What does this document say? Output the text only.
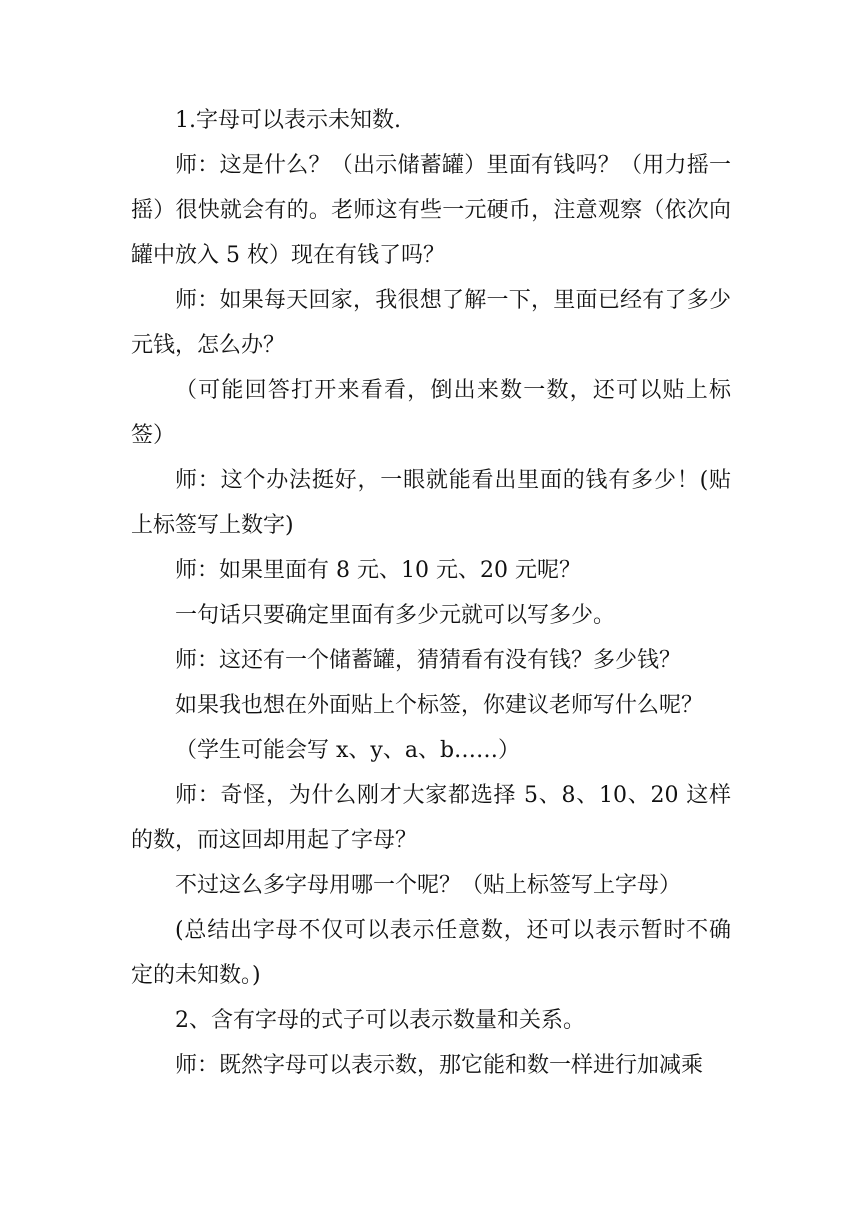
1.字母可以表示未知数.

师：这是什么？（出示储蓄罐）里面有钱吗？（用力摇一摇）很快就会有的。老师这有些一元硬币，注意观察（依次向罐中放入 5 枚）现在有钱了吗？

师：如果每天回家，我很想了解一下，里面已经有了多少元钱，怎么办？

（可能回答打开来看看，倒出来数一数，还可以贴上标签）

师：这个办法挺好，一眼就能看出里面的钱有多少！(贴上标签写上数字)

师：如果里面有 8 元、10 元、20 元呢？

一句话只要确定里面有多少元就可以写多少。

师：这还有一个储蓄罐，猜猜看有没有钱？多少钱？

如果我也想在外面贴上个标签，你建议老师写什么呢？

（学生可能会写 x、y、a、b……）

师：奇怪，为什么刚才大家都选择 5、8、10、20 这样的数，而这回却用起了字母？

不过这么多字母用哪一个呢？（贴上标签写上字母）

(总结出字母不仅可以表示任意数，还可以表示暂时不确定的未知数。)

2、含有字母的式子可以表示数量和关系。

师：既然字母可以表示数，那它能和数一样进行加减乘
